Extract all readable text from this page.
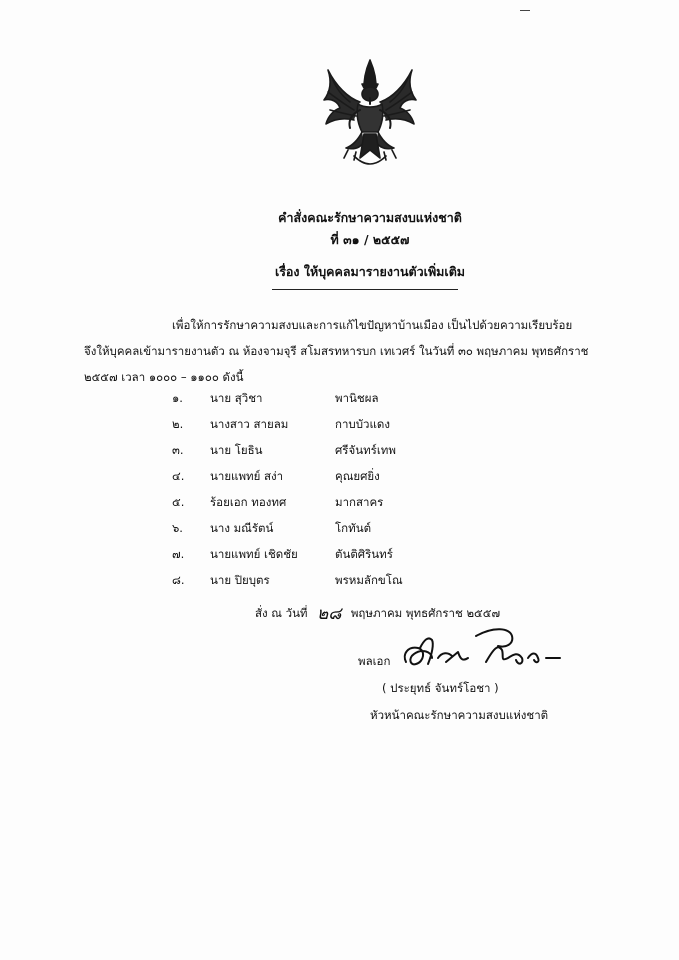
คำสั่งคณะรักษาความสงบแห่งชาติ
ที่ ๓๑ / ๒๕๕๗
เรื่อง ให้บุคคลมารายงานตัวเพิ่มเติม
เพื่อให้การรักษาความสงบและการแก้ไขปัญหาบ้านเมือง เป็นไปด้วยความเรียบร้อย
จึงให้บุคคลเข้ามารายงานตัว ณ ห้องจามจุรี สโมสรทหารบก เทเวศร์ ในวันที่ ๓๐ พฤษภาคม พุทธศักราช
๒๕๕๗ เวลา ๑๐๐๐ – ๑๑๐๐ ดังนี้
๑. นาย สุวิชา	พานิชผล
๒. นางสาว สายลม	กาบบัวแดง
๓. นาย โยธิน	ศรีจันทร์เทพ
๔. นายแพทย์ สง่า	คุณยศยิ่ง
๕. ร้อยเอก ทองทศ	มากสาคร
๖. นาง มณีรัตน์	โกทันต์
๗. นายแพทย์ เชิดชัย	ตันติศิรินทร์
๘. นาย ปิยบุตร	พรหมลักขโณ
สั่ง ณ วันที่ ๒๘ พฤษภาคม พุทธศักราช ๒๕๕๗
พลเอก
( ประยุทธ์ จันทร์โอชา )
หัวหน้าคณะรักษาความสงบแห่งชาติ
